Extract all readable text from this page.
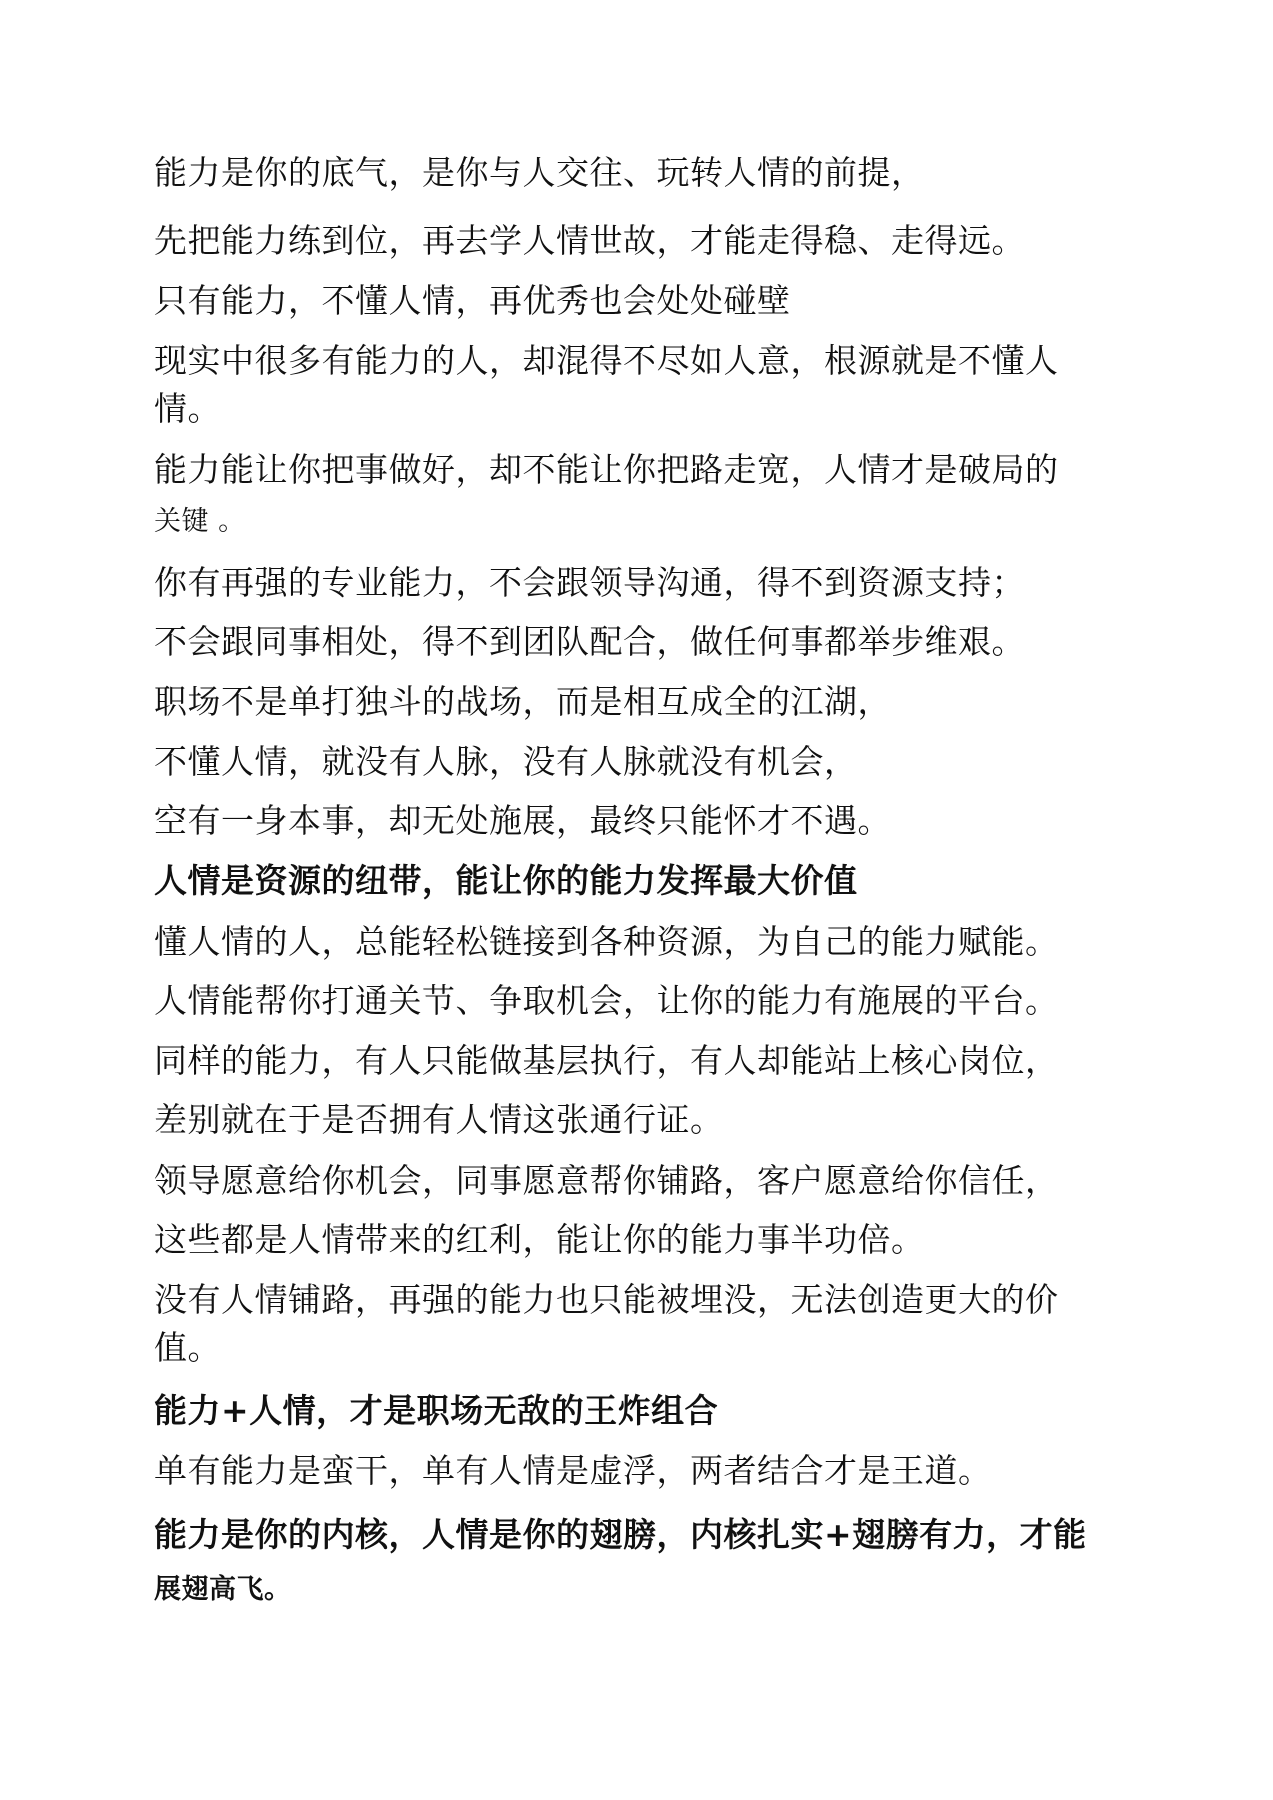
能力是你的底气，是你与人交往、玩转人情的前提，
先把能力练到位，再去学人情世故，才能走得稳、走得远。
只有能力，不懂人情，再优秀也会处处碰壁
现实中很多有能力的人，却混得不尽如人意，根源就是不懂人
情。
能力能让你把事做好，却不能让你把路走宽，人情才是破局的
关键 。
你有再强的专业能力，不会跟领导沟通，得不到资源支持；
不会跟同事相处，得不到团队配合，做任何事都举步维艰。
职场不是单打独斗的战场，而是相互成全的江湖，
不懂人情，就没有人脉，没有人脉就没有机会，
空有一身本事，却无处施展，最终只能怀才不遇。
人情是资源的纽带，能让你的能力发挥最大价值
懂人情的人，总能轻松链接到各种资源，为自己的能力赋能。
人情能帮你打通关节、争取机会，让你的能力有施展的平台。
同样的能力，有人只能做基层执行，有人却能站上核心岗位，
差别就在于是否拥有人情这张通行证。
领导愿意给你机会，同事愿意帮你铺路，客户愿意给你信任，
这些都是人情带来的红利，能让你的能力事半功倍。
没有人情铺路，再强的能力也只能被埋没，无法创造更大的价
值。
能力+人情，才是职场无敌的王炸组合
单有能力是蛮干，单有人情是虚浮，两者结合才是王道。
能力是你的内核，人情是你的翅膀，内核扎实+翅膀有力，才能
展翅高飞。
